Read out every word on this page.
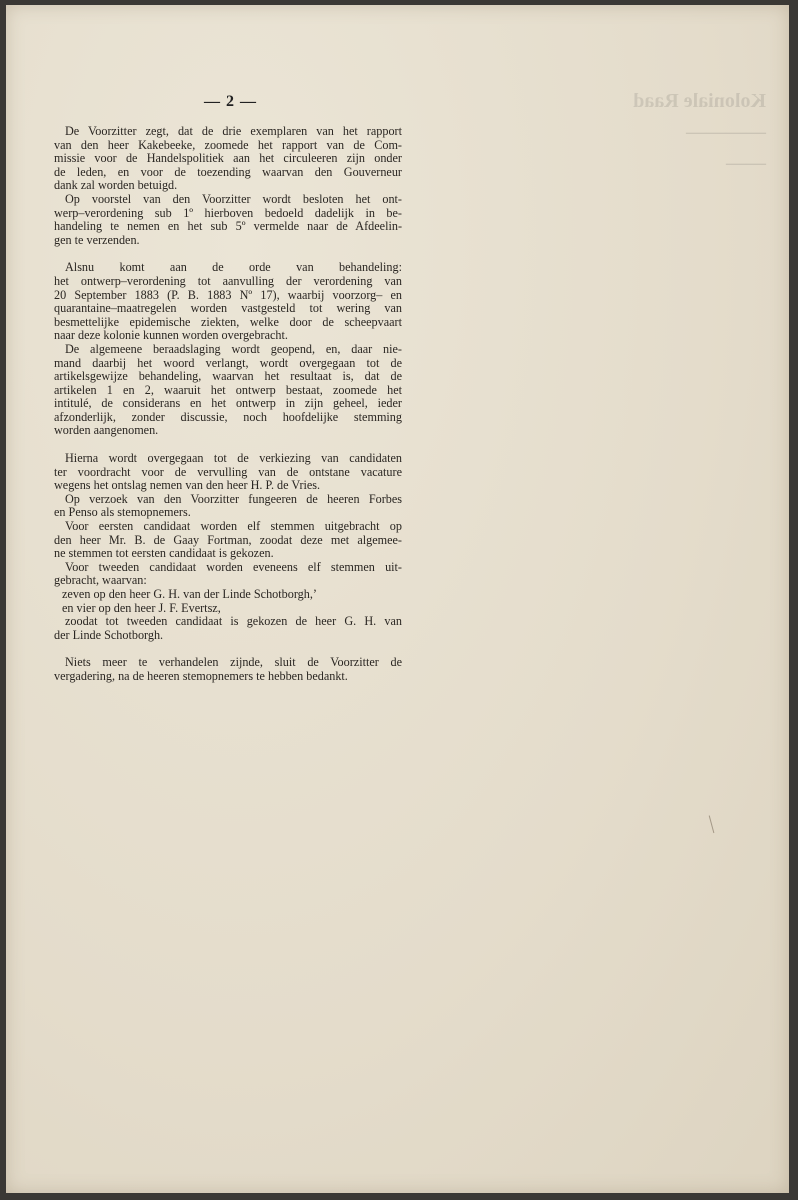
Koloniale Raad
————
——
— 2 —
De Voorzitter zegt, dat de drie exemplaren van het rapport
van den heer Kakebeeke, zoomede het rapport van de Com-
missie voor de Handelspolitiek aan het circuleeren zijn onder
de leden, en voor de toezending waarvan den Gouverneur
dank zal worden betuigd.
Op voorstel van den Voorzitter wordt besloten het ont-
werp–verordening sub 1º hierboven bedoeld dadelijk in be-
handeling te nemen en het sub 5º vermelde naar de Afdeelin-
gen te verzenden.
Alsnu komt aan de orde van behandeling:
het ontwerp–verordening tot aanvulling der verordening van
20 September 1883 (P. B. 1883 Nº 17), waarbij voorzorg– en
quarantaine–maatregelen worden vastgesteld tot wering van
besmettelijke epidemische ziekten, welke door de scheepvaart
naar deze kolonie kunnen worden overgebracht.
De algemeene beraadslaging wordt geopend, en, daar nie-
mand daarbij het woord verlangt, wordt overgegaan tot de
artikelsgewijze behandeling, waarvan het resultaat is, dat de
artikelen 1 en 2, waaruit het ontwerp bestaat, zoomede het
intitulé, de considerans en het ontwerp in zijn geheel, ieder
afzonderlijk, zonder discussie, noch hoofdelijke stemming
worden aangenomen.
Hierna wordt overgegaan tot de verkiezing van candidaten
ter voordracht voor de vervulling van de ontstane vacature
wegens het ontslag nemen van den heer H. P. de Vries.
Op verzoek van den Voorzitter fungeeren de heeren Forbes
en Penso als stemopnemers.
Voor eersten candidaat worden elf stemmen uitgebracht op
den heer Mr. B. de Gaay Fortman, zoodat deze met algemee-
ne stemmen tot eersten candidaat is gekozen.
Voor tweeden candidaat worden eveneens elf stemmen uit-
gebracht, waarvan:
zeven op den heer G. H. van der Linde Schotborgh,’
en vier op den heer J. F. Evertsz,
zoodat tot tweeden candidaat is gekozen de heer G. H. van
der Linde Schotborgh.
Niets meer te verhandelen zijnde, sluit de Voorzitter de
vergadering, na de heeren stemopnemers te hebben bedankt.
